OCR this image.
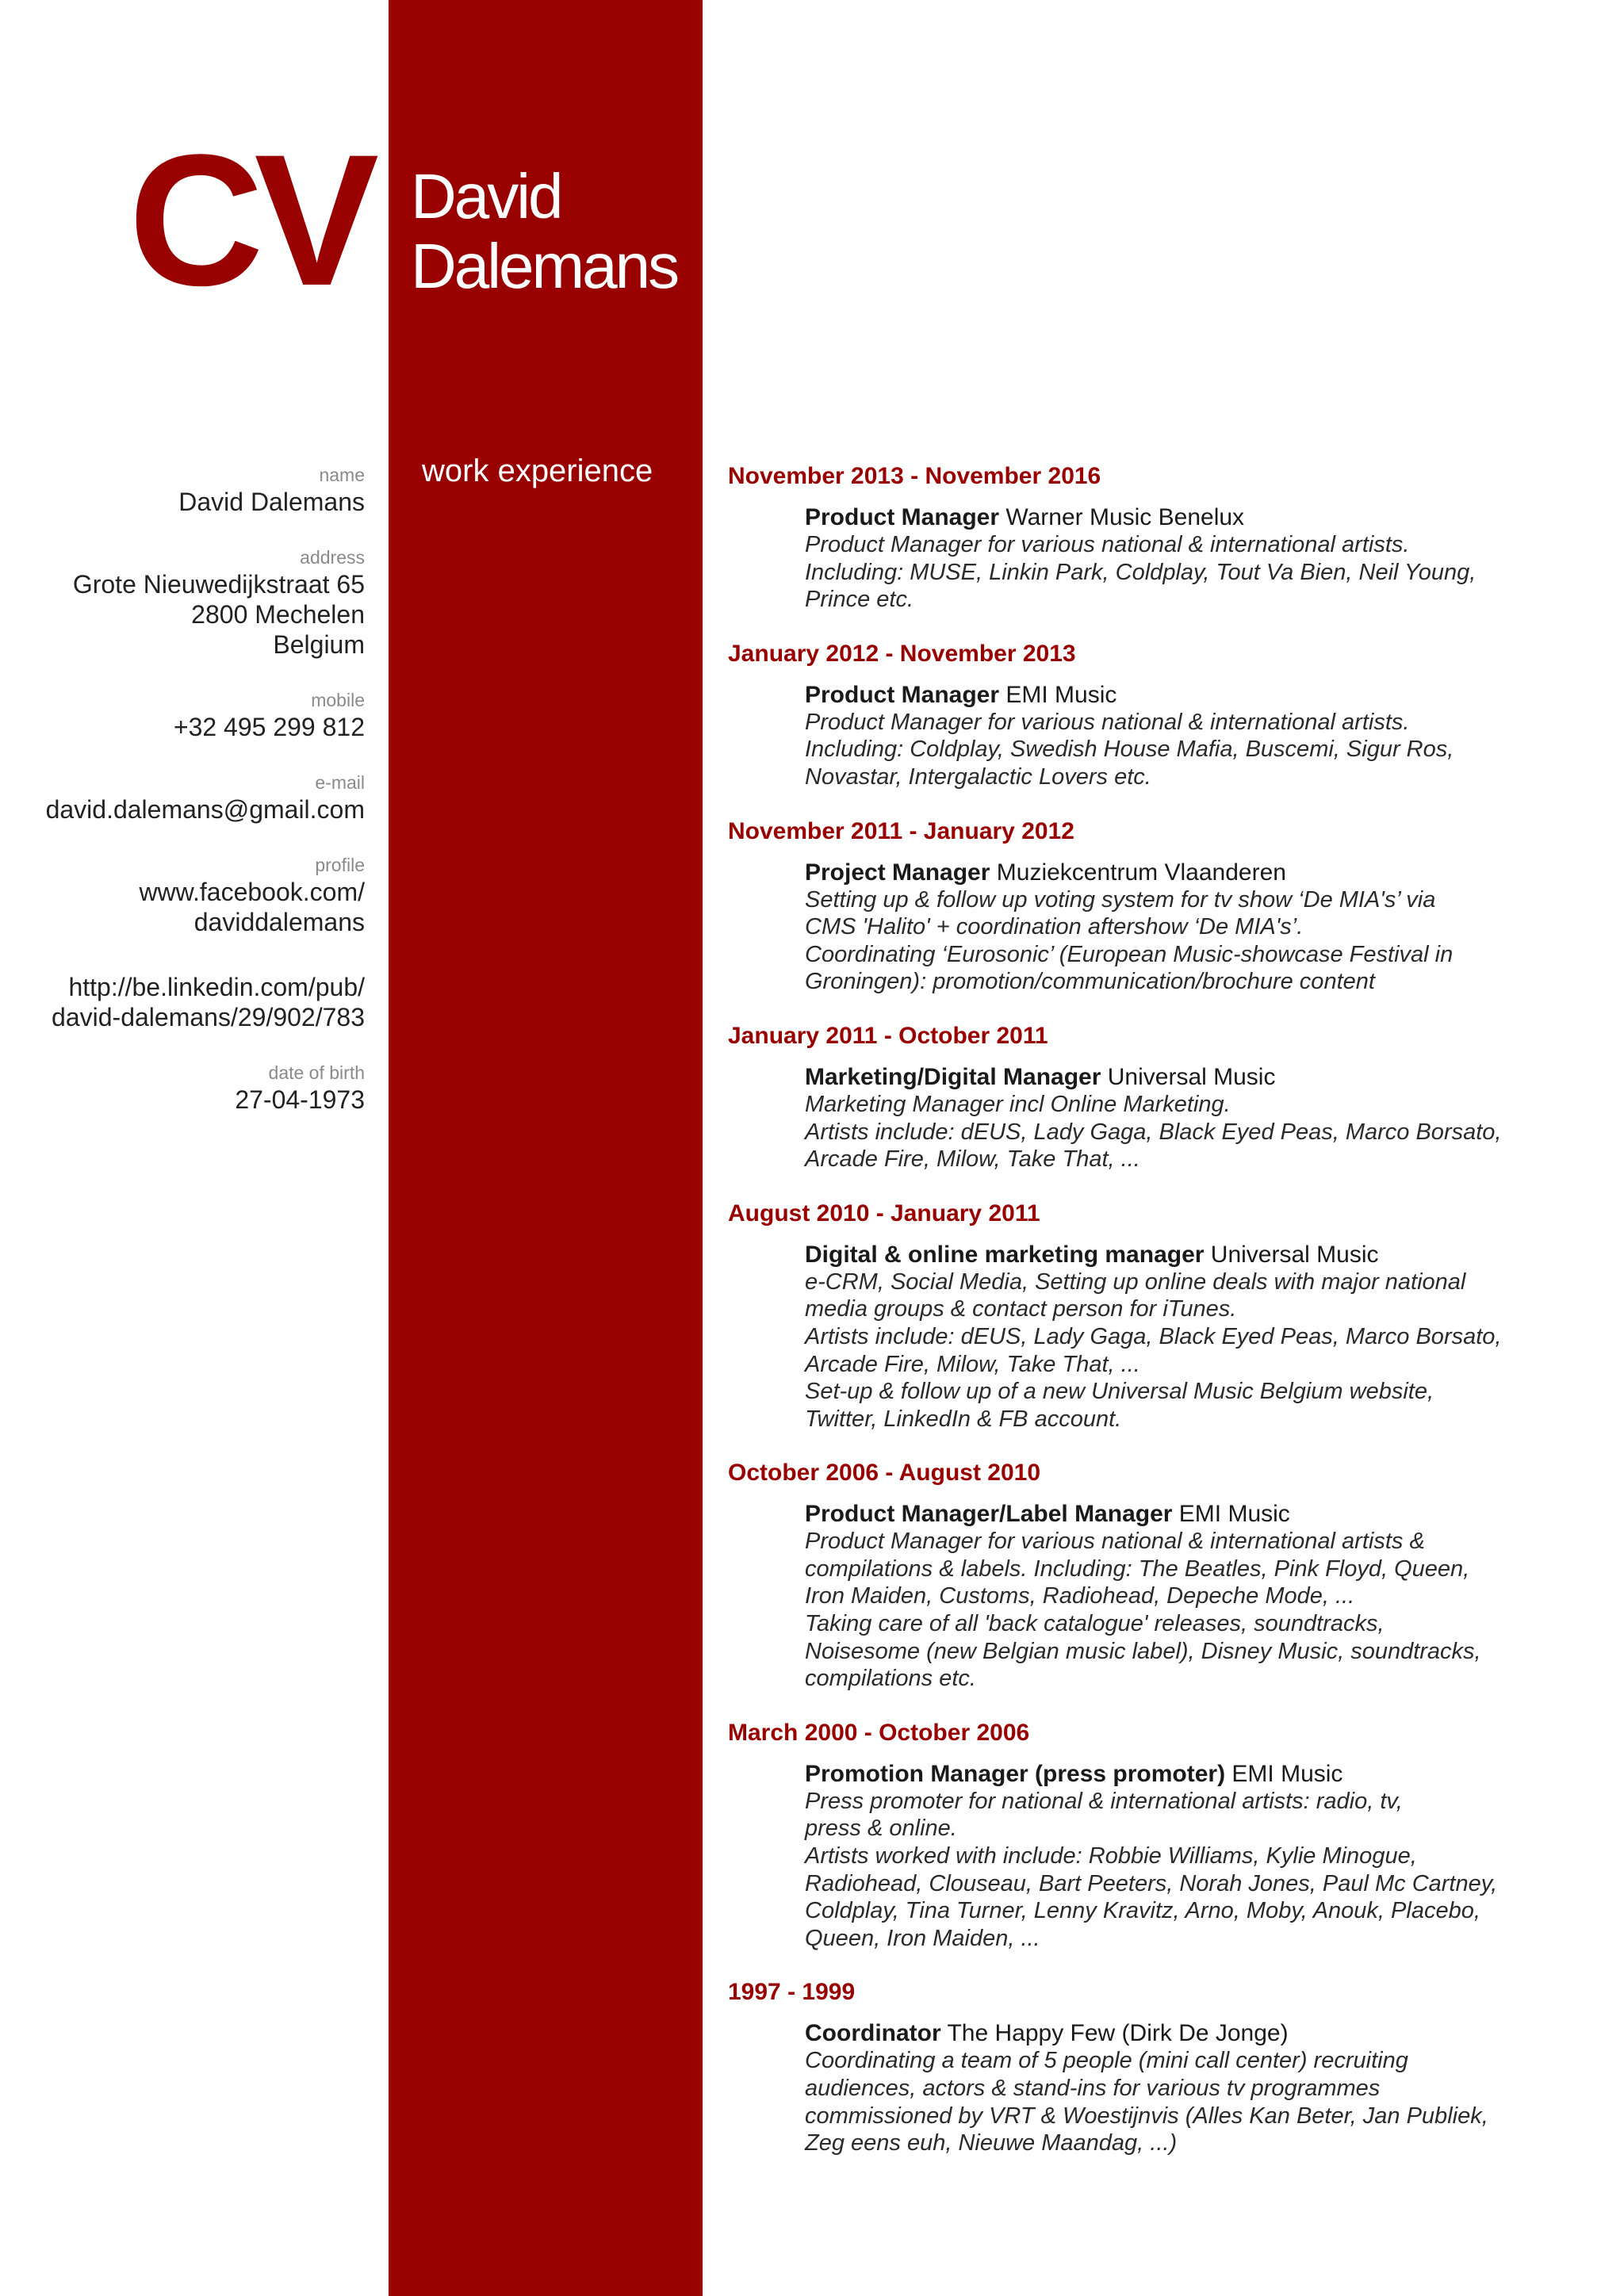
CV David
Dalemans
work experience
name
David Dalemans
address
Grote Nieuwedijkstraat 65
2800 Mechelen
Belgium
mobile
+32 495 299 812
e-mail
david.dalemans@gmail.com
profile
www.facebook.com/
daviddalemans
http://be.linkedin.com/pub/
david-dalemans/29/902/783
date of birth
27-04-1973
November 2013 - November 2016
Product Manager Warner Music Benelux
Product Manager for various national & international artists.
Including: MUSE, Linkin Park, Coldplay, Tout Va Bien, Neil Young,
Prince etc.
January 2012 - November 2013
Product Manager EMI Music
Product Manager for various national & international artists.
Including: Coldplay, Swedish House Mafia, Buscemi, Sigur Ros,
Novastar, Intergalactic Lovers etc.
November 2011 - January 2012
Project Manager Muziekcentrum Vlaanderen
Setting up & follow up voting system for tv show ‘De MIA's’ via
CMS 'Halito' + coordination aftershow ‘De MIA's’.
Coordinating ‘Eurosonic’ (European Music-showcase Festival in
Groningen): promotion/communication/brochure content
January 2011 - October 2011
Marketing/Digital Manager Universal Music
Marketing Manager incl Online Marketing.
Artists include: dEUS, Lady Gaga, Black Eyed Peas, Marco Borsato,
Arcade Fire, Milow, Take That, ...
August 2010 - January 2011
Digital & online marketing manager Universal Music
e-CRM, Social Media, Setting up online deals with major national
media groups & contact person for iTunes.
Artists include: dEUS, Lady Gaga, Black Eyed Peas, Marco Borsato,
Arcade Fire, Milow, Take That, ...
Set-up & follow up of a new Universal Music Belgium website,
Twitter, LinkedIn & FB account.
October 2006 - August 2010
Product Manager/Label Manager EMI Music
Product Manager for various national & international artists &
compilations & labels. Including: The Beatles, Pink Floyd, Queen,
Iron Maiden, Customs, Radiohead, Depeche Mode, ...
Taking care of all 'back catalogue' releases, soundtracks,
Noisesome (new Belgian music label), Disney Music, soundtracks,
compilations etc.
March 2000 - October 2006
Promotion Manager (press promoter) EMI Music
Press promoter for national & international artists: radio, tv,
press & online.
Artists worked with include: Robbie Williams, Kylie Minogue,
Radiohead, Clouseau, Bart Peeters, Norah Jones, Paul Mc Cartney,
Coldplay, Tina Turner, Lenny Kravitz, Arno, Moby, Anouk, Placebo,
Queen, Iron Maiden, ...
1997 - 1999
Coordinator The Happy Few (Dirk De Jonge)
Coordinating a team of 5 people (mini call center) recruiting
audiences, actors & stand-ins for various tv programmes
commissioned by VRT & Woestijnvis (Alles Kan Beter, Jan Publiek,
Zeg eens euh, Nieuwe Maandag, ...)
